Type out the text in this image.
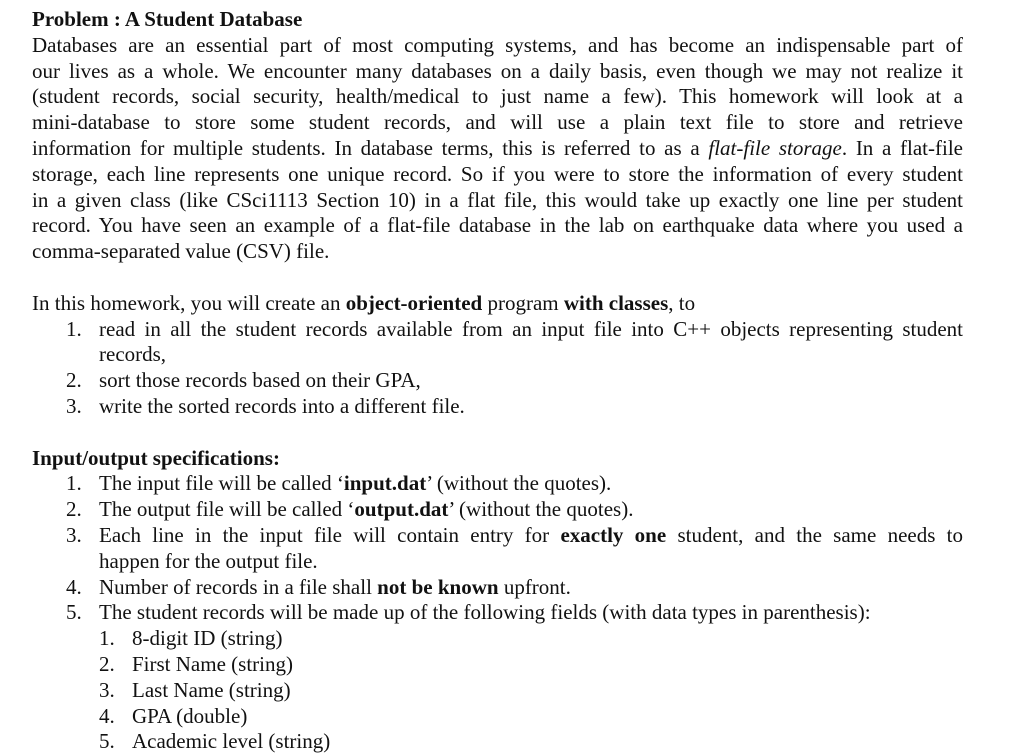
Problem : A Student Database
Databases are an essential part of most computing systems, and has become an indispensable part of
our lives as a whole. We encounter many databases on a daily basis, even though we may not realize it
(student records, social security, health/medical to just name a few). This homework will look at a
mini-database to store some student records, and will use a plain text file to store and retrieve
information for multiple students. In database terms, this is referred to as a flat-file storage. In a flat-file
storage, each line represents one unique record. So if you were to store the information of every student
in a given class (like CSci1113 Section 10) in a flat file, this would take up exactly one line per student
record. You have seen an example of a flat-file database in the lab on earthquake data where you used a
comma-separated value (CSV) file.
In this homework, you will create an object-oriented program with classes, to
1. read in all the student records available from an input file into C++ objects representing student
records,
2. sort those records based on their GPA,
3. write the sorted records into a different file.
Input/output specifications:
1. The input file will be called ‘input.dat’ (without the quotes).
2. The output file will be called ‘output.dat’ (without the quotes).
3. Each line in the input file will contain entry for exactly one student, and the same needs to
happen for the output file.
4. Number of records in a file shall not be known upfront.
5. The student records will be made up of the following fields (with data types in parenthesis):
1. 8-digit ID (string)
2. First Name (string)
3. Last Name (string)
4. GPA (double)
5. Academic level (string)
